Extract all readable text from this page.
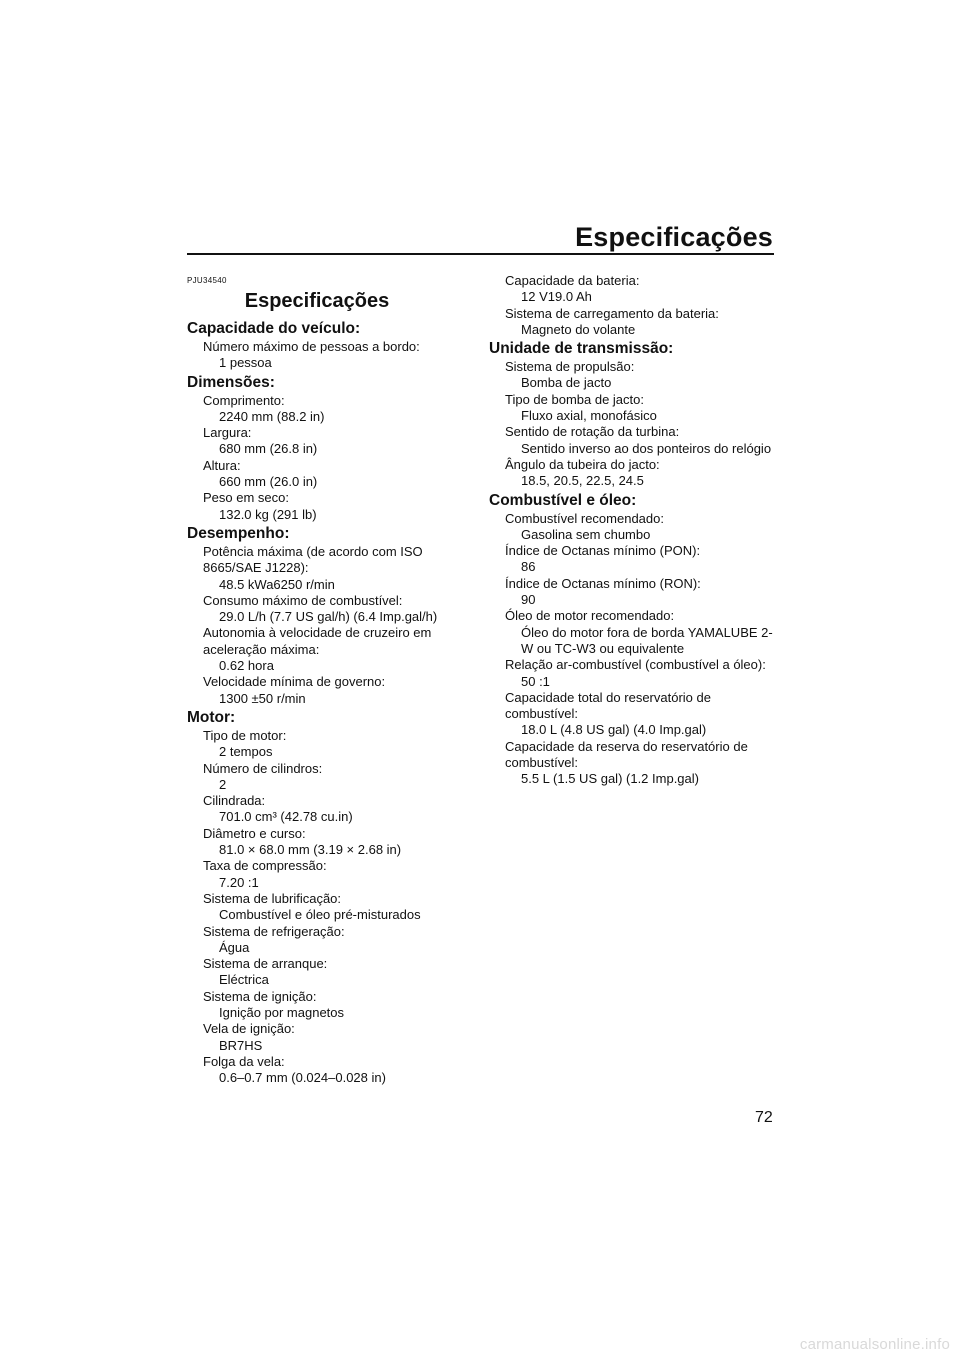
Especificações
PJU34540
Especificações
Capacidade do veículo:
Número máximo de pessoas a bordo:
1 pessoa
Dimensões:
Comprimento:
2240 mm (88.2 in)
Largura:
680 mm (26.8 in)
Altura:
660 mm (26.0 in)
Peso em seco:
132.0 kg (291 lb)
Desempenho:
Potência máxima (de acordo com ISO 8665/SAE J1228):
48.5 kWa6250 r/min
Consumo máximo de combustível:
29.0 L/h (7.7 US gal/h) (6.4 Imp.gal/h)
Autonomia à velocidade de cruzeiro em aceleração máxima:
0.62 hora
Velocidade mínima de governo:
1300 ±50 r/min
Motor:
Tipo de motor:
2 tempos
Número de cilindros:
2
Cilindrada:
701.0 cm³ (42.78 cu.in)
Diâmetro e curso:
81.0 × 68.0 mm (3.19 × 2.68 in)
Taxa de compressão:
7.20 :1
Sistema de lubrificação:
Combustível e óleo pré-misturados
Sistema de refrigeração:
Água
Sistema de arranque:
Eléctrica
Sistema de ignição:
Ignição por magnetos
Vela de ignição:
BR7HS
Folga da vela:
0.6–0.7 mm (0.024–0.028 in)
Capacidade da bateria:
12 V19.0 Ah
Sistema de carregamento da bateria:
Magneto do volante
Unidade de transmissão:
Sistema de propulsão:
Bomba de jacto
Tipo de bomba de jacto:
Fluxo axial, monofásico
Sentido de rotação da turbina:
Sentido inverso ao dos ponteiros do relógio
Ângulo da tubeira do jacto:
18.5, 20.5, 22.5, 24.5
Combustível e óleo:
Combustível recomendado:
Gasolina sem chumbo
Índice de Octanas mínimo (PON):
86
Índice de Octanas mínimo (RON):
90
Óleo de motor recomendado:
Óleo do motor fora de borda YAMALUBE 2-W ou TC-W3 ou equivalente
Relação ar-combustível (combustível a óleo):
50 :1
Capacidade total do reservatório de combustível:
18.0 L (4.8 US gal) (4.0 Imp.gal)
Capacidade da reserva do reservatório de combustível:
5.5 L (1.5 US gal) (1.2 Imp.gal)
72
carmanualsonline.info
